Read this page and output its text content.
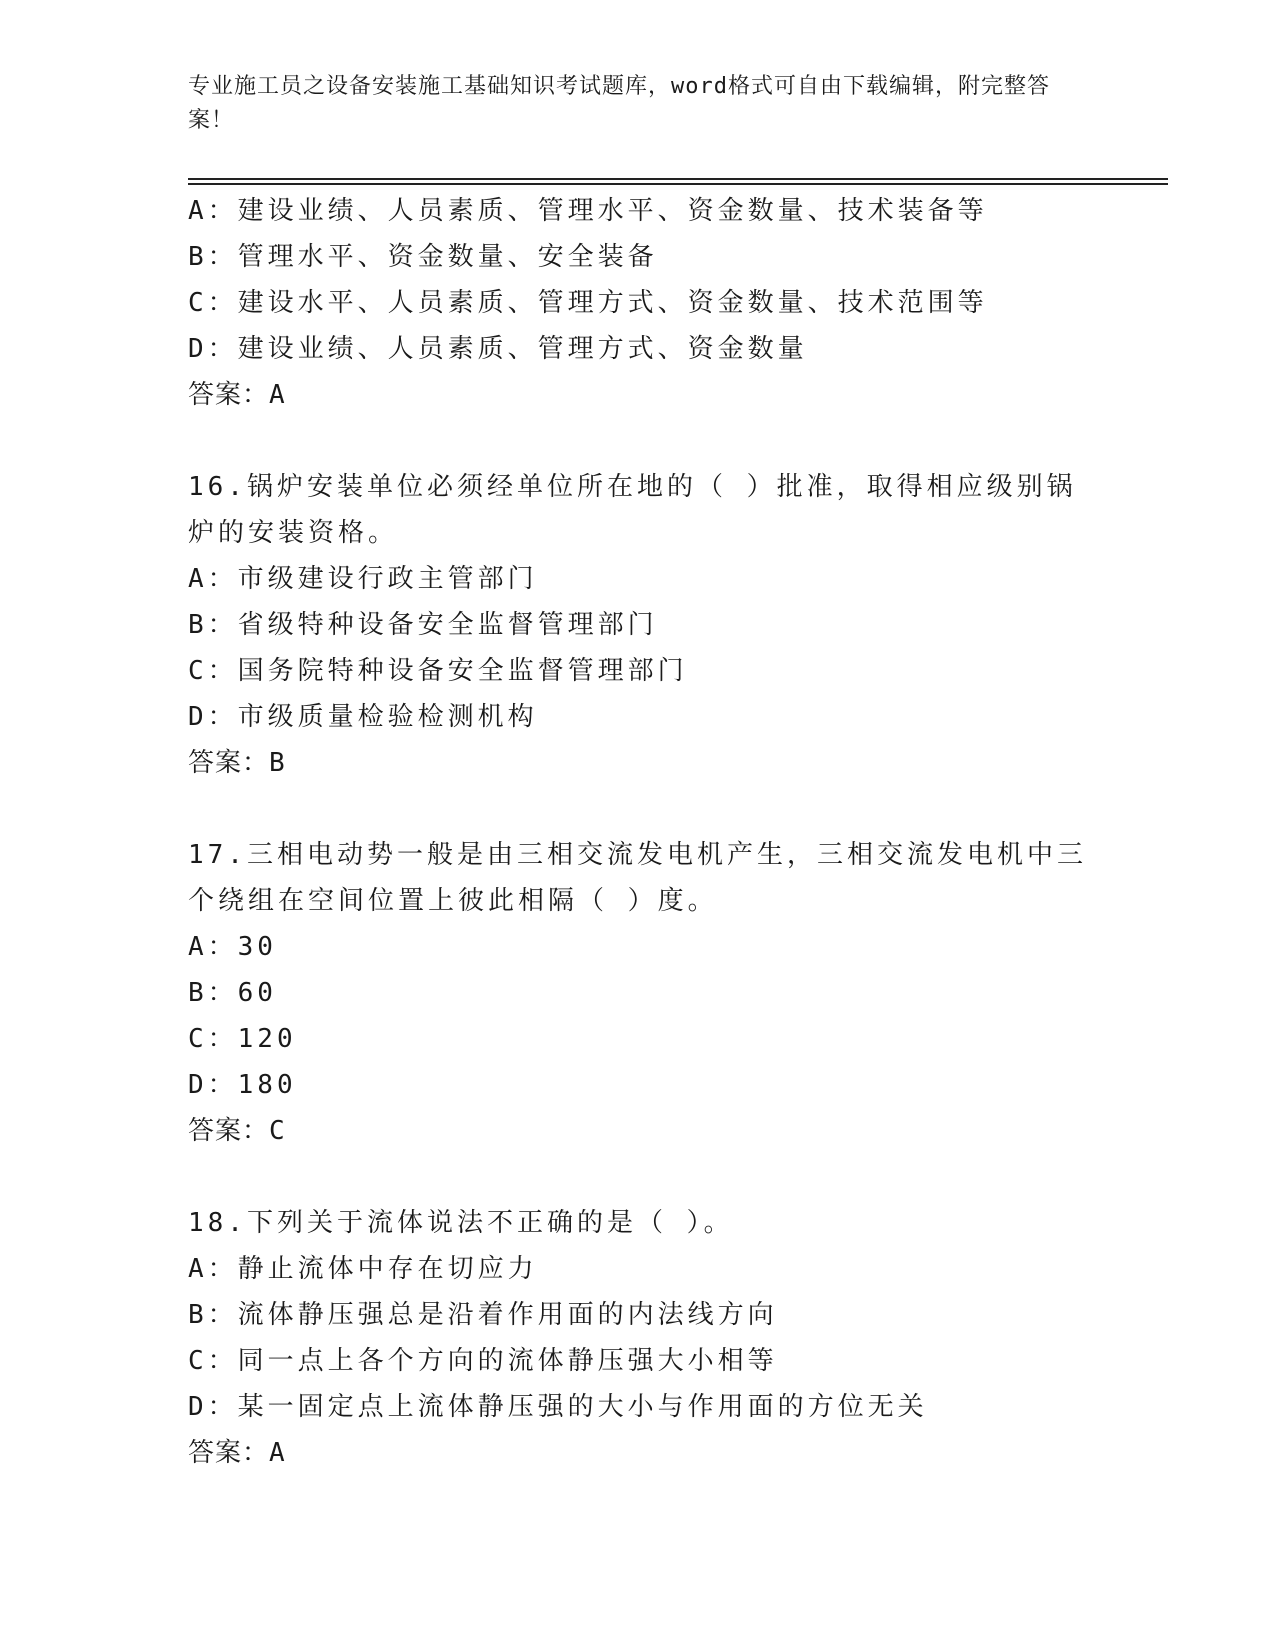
专业施工员之设备安装施工基础知识考试题库，word格式可自由下载编辑，附完整答案！
A：建设业绩、人员素质、管理水平、资金数量、技术装备等
B：管理水平、资金数量、安全装备
C：建设水平、人员素质、管理方式、资金数量、技术范围等
D：建设业绩、人员素质、管理方式、资金数量
答案：A
16.锅炉安装单位必须经单位所在地的（ ）批准，取得相应级别锅炉的安装资格。
A：市级建设行政主管部门
B：省级特种设备安全监督管理部门
C：国务院特种设备安全监督管理部门
D：市级质量检验检测机构
答案：B
17.三相电动势一般是由三相交流发电机产生，三相交流发电机中三个绕组在空间位置上彼此相隔（ ）度。
A：30
B：60
C：120
D：180
答案：C
18.下列关于流体说法不正确的是（ ）。
A：静止流体中存在切应力
B：流体静压强总是沿着作用面的内法线方向
C：同一点上各个方向的流体静压强大小相等
D：某一固定点上流体静压强的大小与作用面的方位无关
答案：A
